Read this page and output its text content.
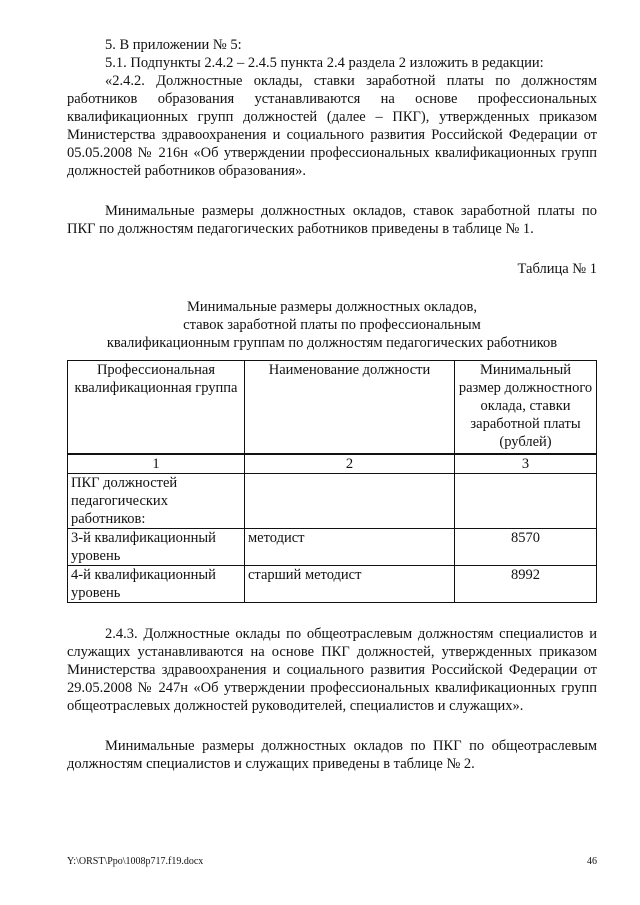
5. В приложении № 5:

5.1. Подпункты 2.4.2 – 2.4.5 пункта 2.4 раздела 2 изложить в редакции:

«2.4.2. Должностные оклады, ставки заработной платы по должностям работников образования устанавливаются на основе профессиональных квалификационных групп должностей (далее – ПКГ), утвержденных приказом Министерства здравоохранения и социального развития Российской Федерации от 05.05.2008 № 216н «Об утверждении профессиональных квалификационных групп должностей работников образования».

Минимальные размеры должностных окладов, ставок заработной платы по ПКГ по должностям педагогических работников приведены в таблице № 1.

Таблица № 1

Минимальные размеры должностных окладов,

ставок заработной платы по профессиональным

квалификационным группам по должностям педагогических работников

Профессиональная квалификационная группа	Наименование должности	Минимальный размер должностного оклада, ставки заработной платы (рублей)
1	2	3
ПКГ должностей педагогических работников:		
3-й квалификационный уровень	методист	8570
4-й квалификационный уровень	старший методист	8992

2.4.3. Должностные оклады по общеотраслевым должностям специалистов и служащих устанавливаются на основе ПКГ должностей, утвержденных приказом Министерства здравоохранения и социального развития Российской Федерации от 29.05.2008 № 247н «Об утверждении профессиональных квалификационных групп общеотраслевых должностей руководителей, специалистов и служащих».

Минимальные размеры должностных окладов по ПКГ по общеотраслевым должностям специалистов и служащих приведены в таблице № 2.

Y:\ORST\Ppo\1008p717.f19.docx	46
